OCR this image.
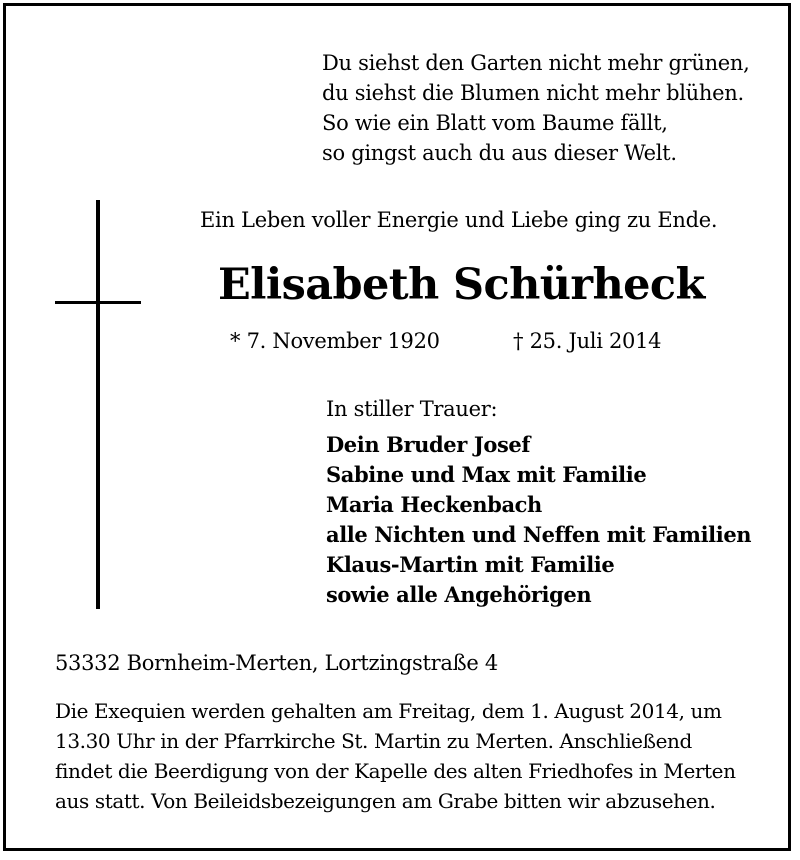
Du siehst den Garten nicht mehr grünen,
du siehst die Blumen nicht mehr blühen.
So wie ein Blatt vom Baume fällt,
so gingst auch du aus dieser Welt.
Ein Leben voller Energie und Liebe ging zu Ende.
Elisabeth Schürheck
* 7. November 1920	† 25. Juli 2014
In stiller Trauer:
Dein Bruder Josef
Sabine und Max mit Familie
Maria Heckenbach
alle Nichten und Neffen mit Familien
Klaus-Martin mit Familie
sowie alle Angehörigen
53332 Bornheim-Merten, Lortzingstraße 4
Die Exequien werden gehalten am Freitag, dem 1. August 2014, um
13.30 Uhr in der Pfarrkirche St. Martin zu Merten. Anschließend
findet die Beerdigung von der Kapelle des alten Friedhofes in Merten
aus statt. Von Beileidsbezeigungen am Grabe bitten wir abzusehen.
